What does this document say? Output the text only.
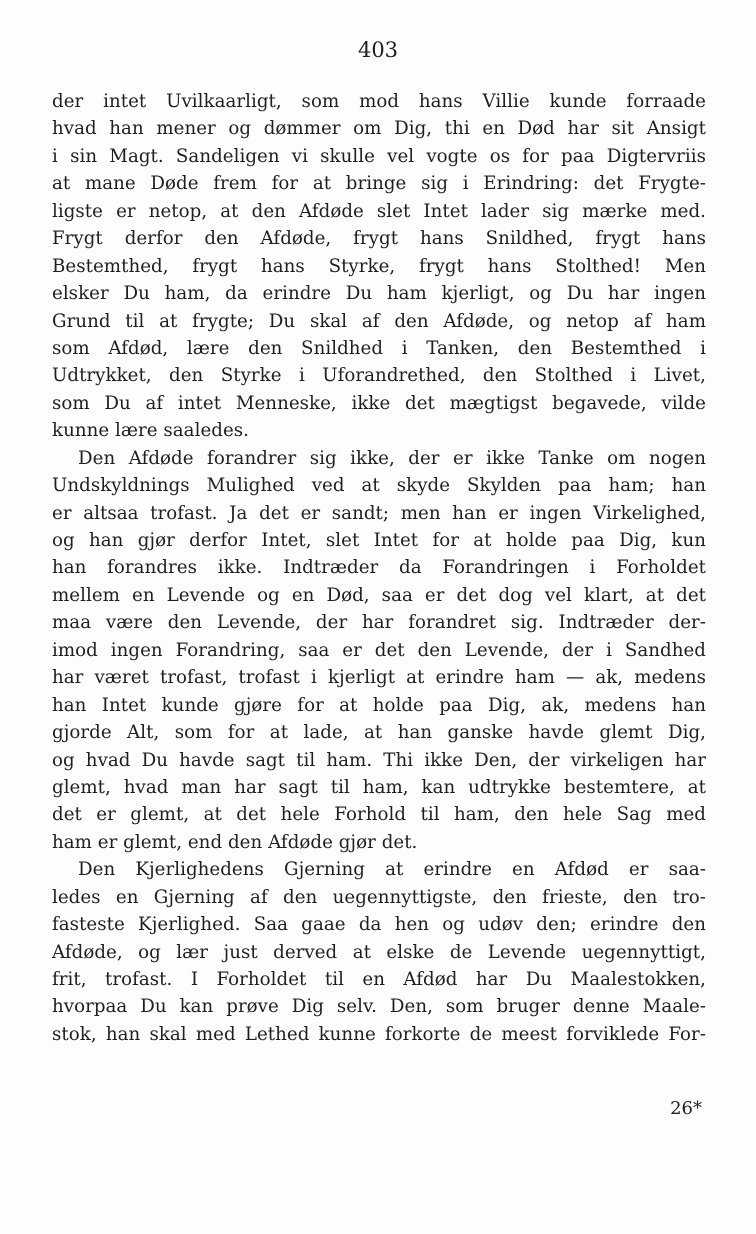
403
der intet Uvilkaarligt, som mod hans Villie kunde forraade
hvad han mener og dømmer om Dig, thi en Død har sit Ansigt
i sin Magt. Sandeligen vi skulle vel vogte os for paa Digtervriis
at mane Døde frem for at bringe sig i Erindring: det Frygte-
ligste er netop, at den Afdøde slet Intet lader sig mærke med.
Frygt derfor den Afdøde, frygt hans Snildhed, frygt hans
Bestemthed, frygt hans Styrke, frygt hans Stolthed! Men
elsker Du ham, da erindre Du ham kjerligt, og Du har ingen
Grund til at frygte; Du skal af den Afdøde, og netop af ham
som Afdød, lære den Snildhed i Tanken, den Bestemthed i
Udtrykket, den Styrke i Uforandrethed, den Stolthed i Livet,
som Du af intet Menneske, ikke det mægtigst begavede, vilde
kunne lære saaledes.
Den Afdøde forandrer sig ikke, der er ikke Tanke om nogen
Undskyldnings Mulighed ved at skyde Skylden paa ham; han
er altsaa trofast. Ja det er sandt; men han er ingen Virkelighed,
og han gjør derfor Intet, slet Intet for at holde paa Dig, kun
han forandres ikke. Indtræder da Forandringen i Forholdet
mellem en Levende og en Død, saa er det dog vel klart, at det
maa være den Levende, der har forandret sig. Indtræder der-
imod ingen Forandring, saa er det den Levende, der i Sandhed
har været trofast, trofast i kjerligt at erindre ham — ak, medens
han Intet kunde gjøre for at holde paa Dig, ak, medens han
gjorde Alt, som for at lade, at han ganske havde glemt Dig,
og hvad Du havde sagt til ham. Thi ikke Den, der virkeligen har
glemt, hvad man har sagt til ham, kan udtrykke bestemtere, at
det er glemt, at det hele Forhold til ham, den hele Sag med
ham er glemt, end den Afdøde gjør det.
Den Kjerlighedens Gjerning at erindre en Afdød er saa-
ledes en Gjerning af den uegennyttigste, den frieste, den tro-
fasteste Kjerlighed. Saa gaae da hen og udøv den; erindre den
Afdøde, og lær just derved at elske de Levende uegennyttigt,
frit, trofast. I Forholdet til en Afdød har Du Maalestokken,
hvorpaa Du kan prøve Dig selv. Den, som bruger denne Maale-
stok, han skal med Lethed kunne forkorte de meest forviklede For-
26*
